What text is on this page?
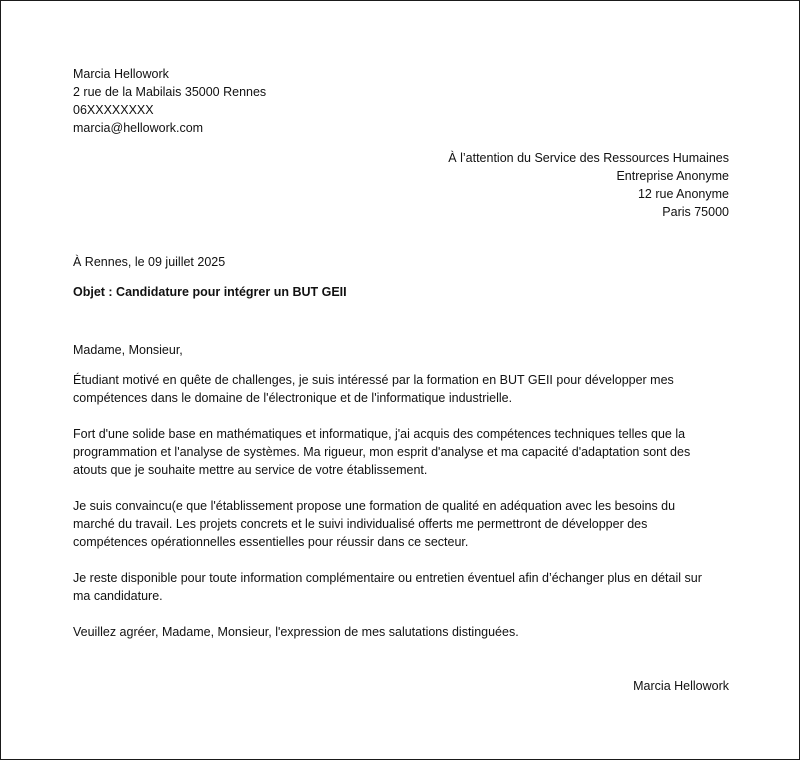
Marcia Hellowork
2 rue de la Mabilais 35000 Rennes
06XXXXXXXX
marcia@hellowork.com
À l’attention du Service des Ressources Humaines
Entreprise Anonyme
12 rue Anonyme
Paris 75000
À Rennes, le 09 juillet 2025
Objet : Candidature pour intégrer un BUT GEII
Madame, Monsieur,
Étudiant motivé en quête de challenges, je suis intéressé par la formation en BUT GEII pour développer mes
compétences dans le domaine de l'électronique et de l'informatique industrielle.
Fort d'une solide base en mathématiques et informatique, j'ai acquis des compétences techniques telles que la
programmation et l'analyse de systèmes. Ma rigueur, mon esprit d'analyse et ma capacité d'adaptation sont des
atouts que je souhaite mettre au service de votre établissement.
Je suis convaincu(e que l'établissement propose une formation de qualité en adéquation avec les besoins du
marché du travail. Les projets concrets et le suivi individualisé offerts me permettront de développer des
compétences opérationnelles essentielles pour réussir dans ce secteur.
Je reste disponible pour toute information complémentaire ou entretien éventuel afin d’échanger plus en détail sur
ma candidature.
Veuillez agréer, Madame, Monsieur, l'expression de mes salutations distinguées.
Marcia Hellowork
